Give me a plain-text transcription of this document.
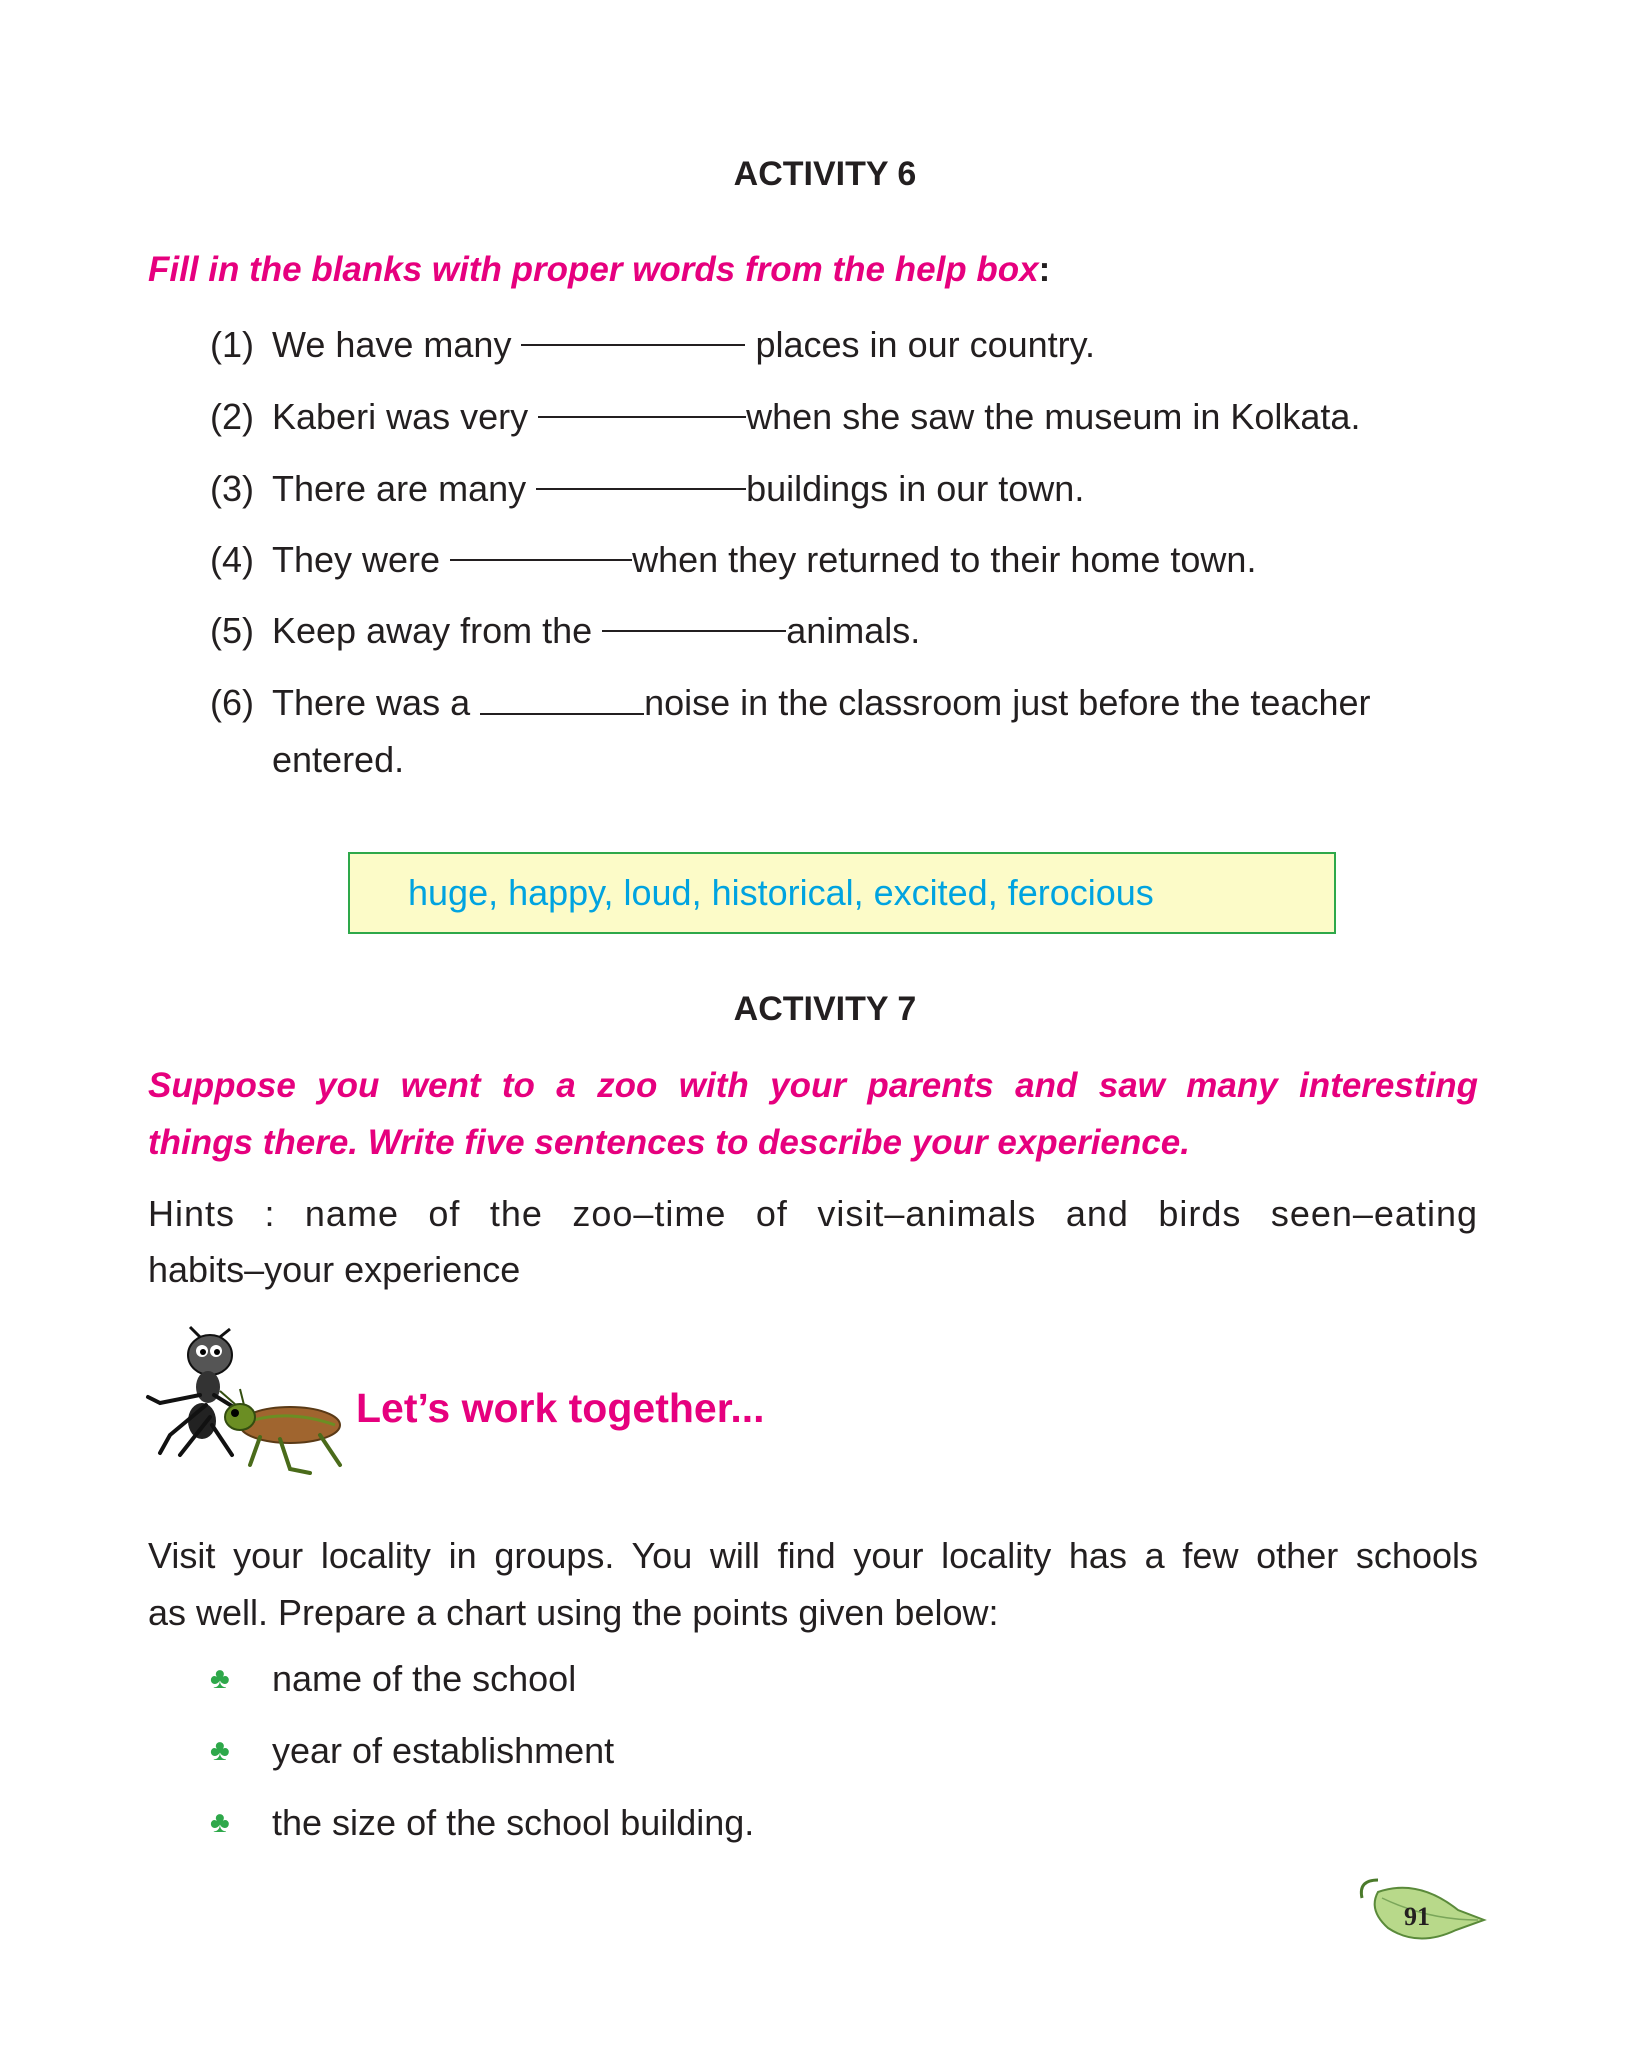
ACTIVITY 6
Fill in the blanks with proper words from the help box:
(1) We have many

	places in our country.
(2) Kaberi was very
	when she saw the museum in Kolkata.
(3) There are many
	buildings in our town.
(4) They were
	when they returned to their home town.
(5) Keep away from the
	animals.
(6) There was a	noise in the classroom just before the teacher
entered.
huge, happy, loud, historical, excited, ferocious
ACTIVITY 7
Suppose you went to a zoo with your parents and saw many interesting
things there. Write five sentences to describe your experience.
Hints : name of the zoo–time of visit–animals and birds seen–eating
habits–your experience
Let’s work together...
Visit your locality in groups. You will find your locality has a few other schools
as well. Prepare a chart using the points given below:
♣	name of the school
♣	year of establishment
♣	the size of the school building.
91
